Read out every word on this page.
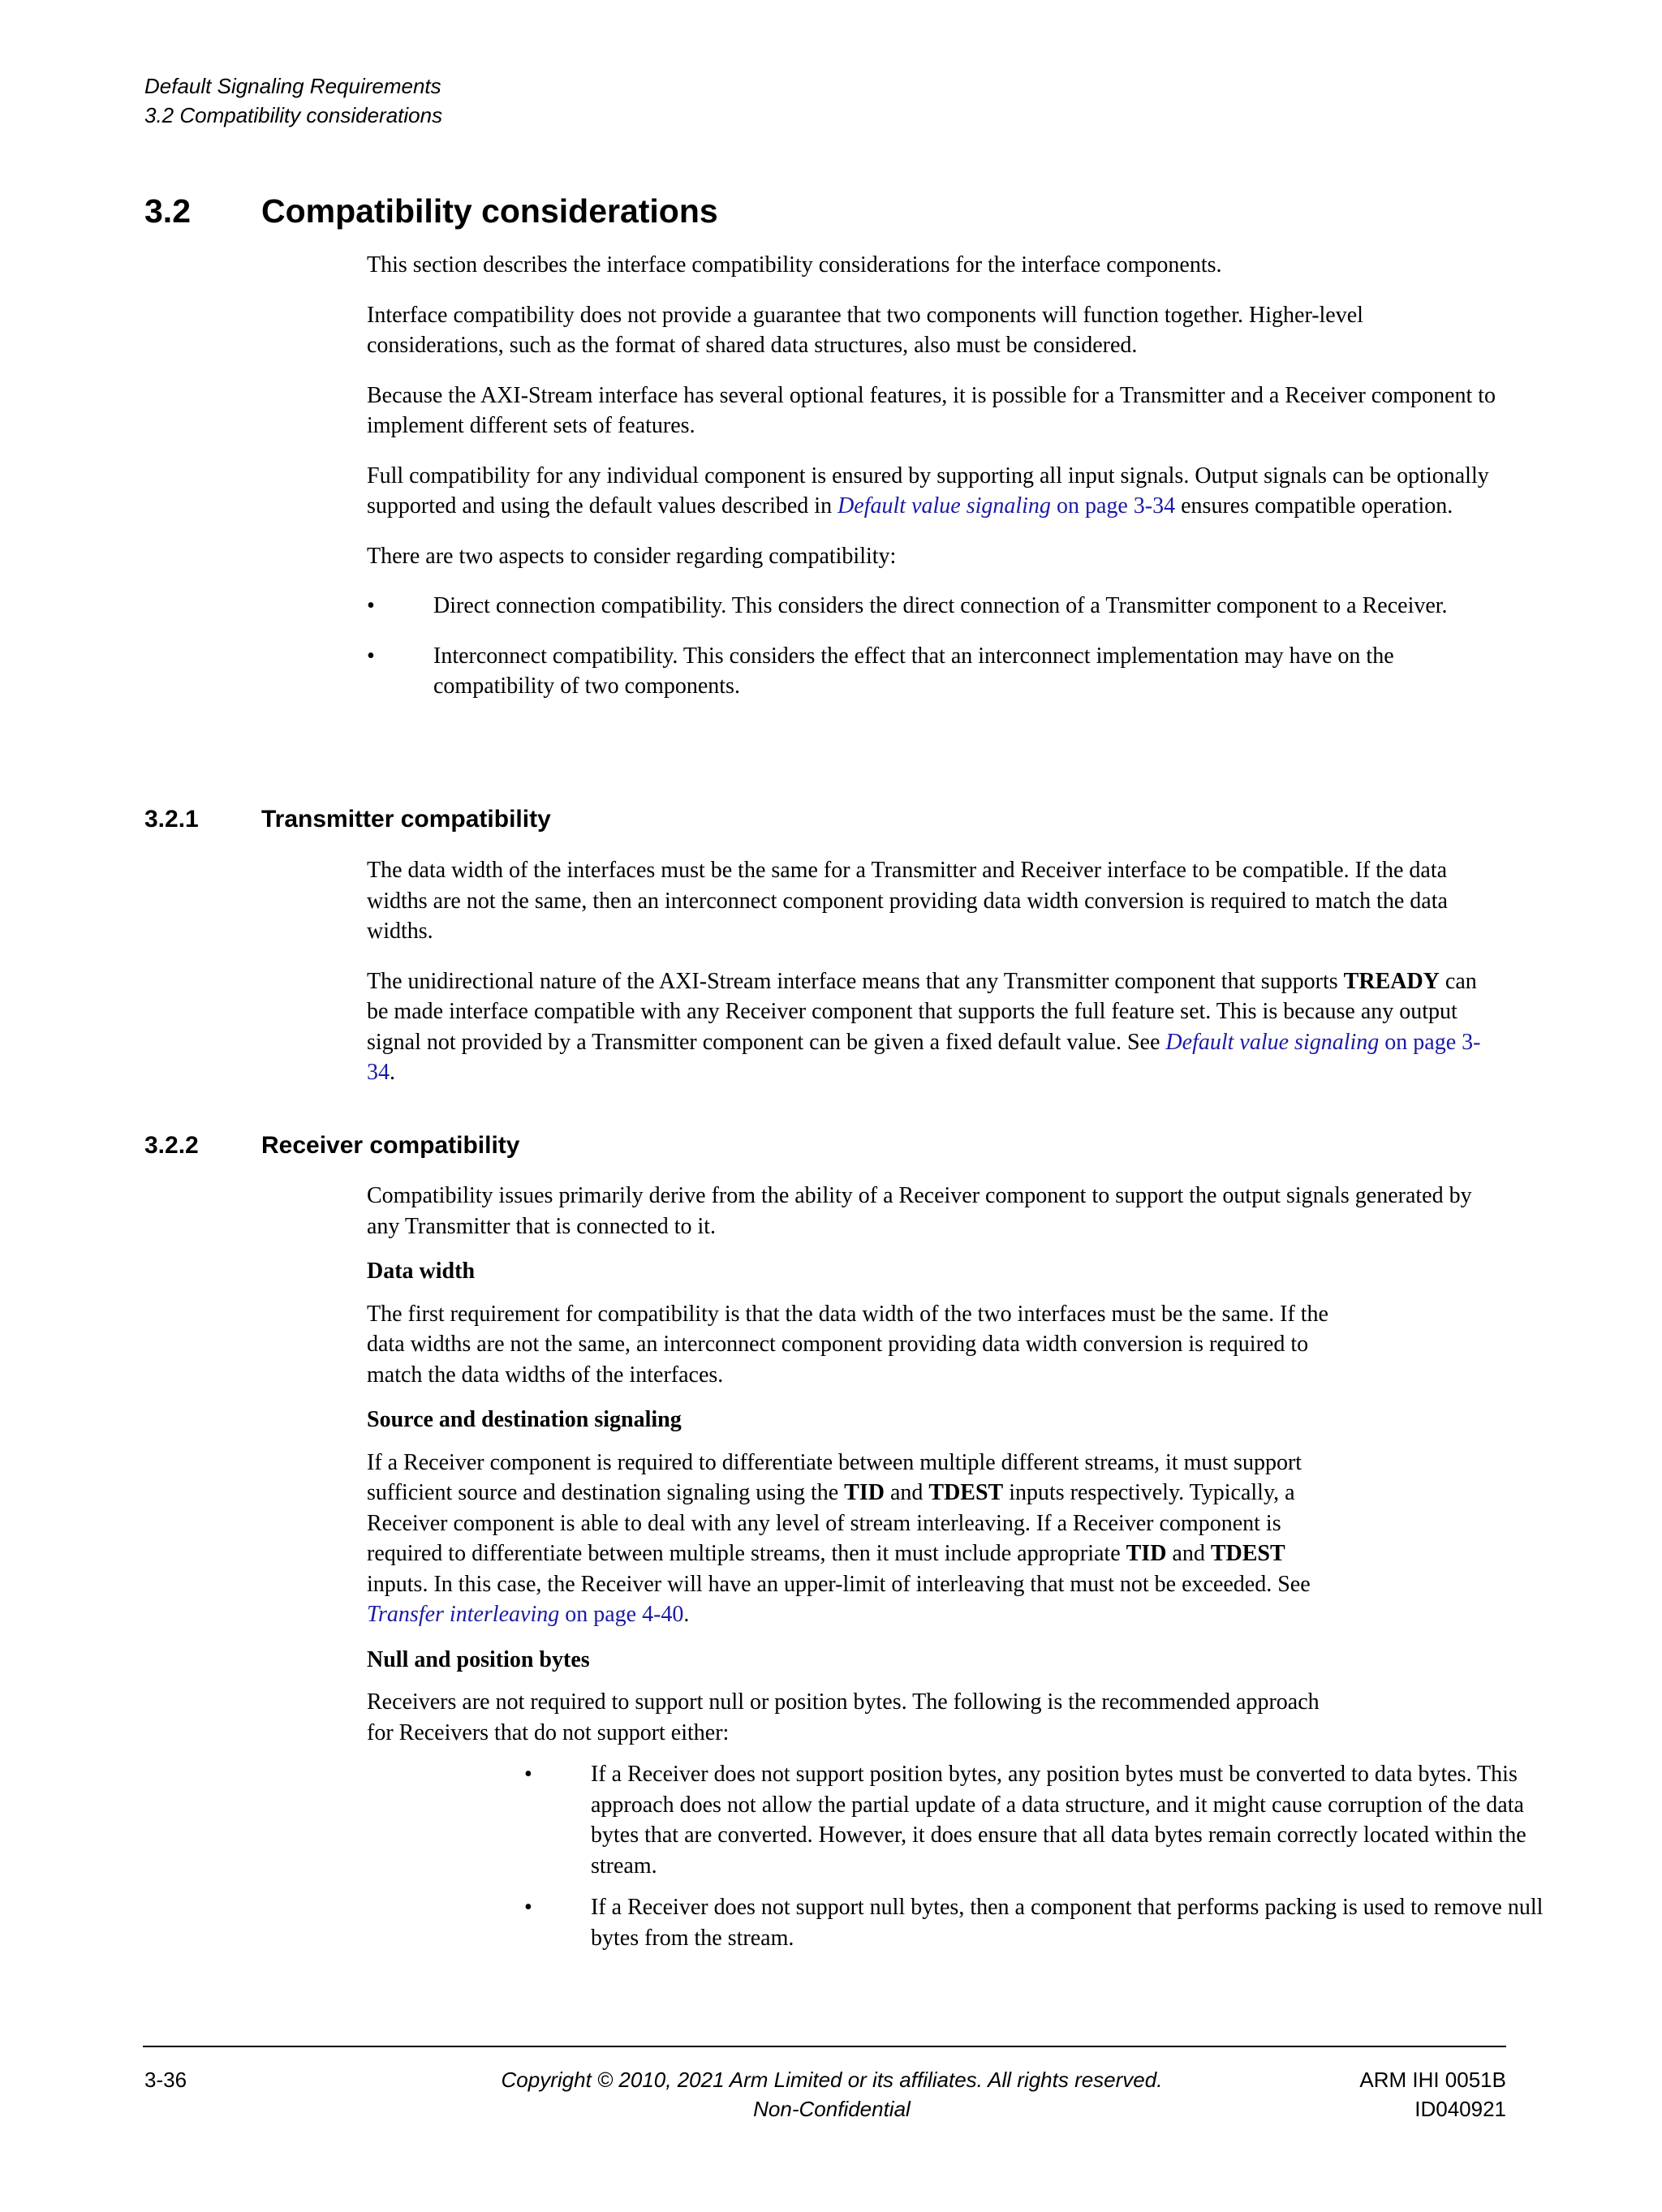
Default Signaling Requirements
3.2 Compatibility considerations
3.2 Compatibility considerations

This section describes the interface compatibility considerations for the interface components.

Interface compatibility does not provide a guarantee that two components will function together. Higher-level considerations, such as the format of shared data structures, also must be considered.

Because the AXI-Stream interface has several optional features, it is possible for a Transmitter and a Receiver component to implement different sets of features.

Full compatibility for any individual component is ensured by supporting all input signals. Output signals can be optionally supported and using the default values described in Default value signaling on page 3-34 ensures compatible operation.

There are two aspects to consider regarding compatibility:

•	Direct connection compatibility. This considers the direct connection of a Transmitter component to a Receiver.
•	Interconnect compatibility. This considers the effect that an interconnect implementation may have on the compatibility of two components.
3.2.1	Transmitter compatibility

The data width of the interfaces must be the same for a Transmitter and Receiver interface to be compatible. If the data widths are not the same, then an interconnect component providing data width conversion is required to match the data widths.

The unidirectional nature of the AXI-Stream interface means that any Transmitter component that supports TREADY can be made interface compatible with any Receiver component that supports the full feature set. This is because any output signal not provided by a Transmitter component can be given a fixed default value. See Default value signaling on page 3-34.

3.2.2	Receiver compatibility

Compatibility issues primarily derive from the ability of a Receiver component to support the output signals generated by any Transmitter that is connected to it.

Data width

The first requirement for compatibility is that the data width of the two interfaces must be the same. If the data widths are not the same, an interconnect component providing data width conversion is required to match the data widths of the interfaces.

Source and destination signaling

If a Receiver component is required to differentiate between multiple different streams, it must support sufficient source and destination signaling using the TID and TDEST inputs respectively. Typically, a Receiver component is able to deal with any level of stream interleaving. If a Receiver component is required to differentiate between multiple streams, then it must include appropriate TID and TDEST inputs. In this case, the Receiver will have an upper-limit of interleaving that must not be exceeded. See Transfer interleaving on page 4-40.

Null and position bytes

Receivers are not required to support null or position bytes. The following is the recommended approach for Receivers that do not support either:

•	If a Receiver does not support position bytes, any position bytes must be converted to data bytes. This approach does not allow the partial update of a data structure, and it might cause corruption of the data bytes that are converted. However, it does ensure that all data bytes remain correctly located within the stream.
•	If a Receiver does not support null bytes, then a component that performs packing is used to remove null bytes from the stream.
3-36	Copyright © 2010, 2021 Arm Limited or its affiliates. All rights reserved.
Non-Confidential
ARM IHI 0051B
ID040921
